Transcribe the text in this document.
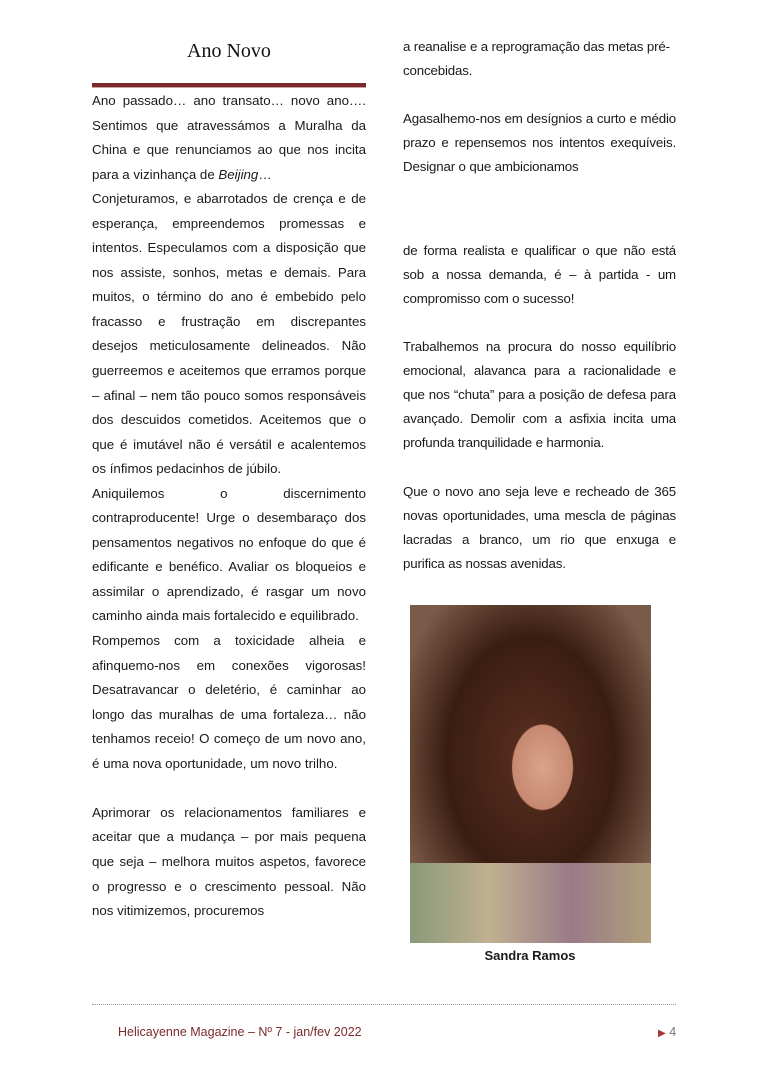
Ano Novo

Ano passado… ano transato… novo ano…. Sentimos que atravessámos a Muralha da China e que renunciamos ao que nos incita para a vizinhança de Beijing…

Conjeturamos, e abarrotados de crença e de esperança, empreendemos promessas e intentos. Especulamos com a disposição que nos assiste, sonhos, metas e demais. Para muitos, o término do ano é embebido pelo fracasso e frustração em discrepantes desejos meticulosamente delineados. Não guerreemos e aceitemos que erramos porque – afinal – nem tão pouco somos responsáveis dos descuidos cometidos. Aceitemos que o que é imutável não é versátil e acalentemos os ínfimos pedacinhos de júbilo.

Aniquilemos o discernimento contraproducente! Urge o desembaraço dos pensamentos negativos no enfoque do que é edificante e benéfico. Avaliar os bloqueios e assimilar o aprendizado, é rasgar um novo caminho ainda mais fortalecido e equilibrado.

Rompemos com a toxicidade alheia e afinquemo-nos em conexões vigorosas! Desatravancar o deletério, é caminhar ao longo das muralhas de uma fortaleza… não tenhamos receio! O começo de um novo ano, é uma nova oportunidade, um novo trilho.

Aprimorar os relacionamentos familiares e aceitar que a mudança – por mais pequena que seja – melhora muitos aspetos, favorece o progresso e o crescimento pessoal. Não nos vitimizemos, procuremos

a reanalise e a reprogramação das metas pré-concebidas.

Agasalhemo-nos em desígnios a curto e médio prazo e repensemos nos intentos exequíveis. Designar o que ambicionamos

de forma realista e qualificar o que não está sob a nossa demanda, é – à partida - um compromisso com o sucesso!

Trabalhemos na procura do nosso equilíbrio emocional, alavanca para a racionalidade e que nos “chuta” para a posição de defesa para avançado. Demolir com a asfixia incita uma profunda tranquilidade e harmonia.

Que o novo ano seja leve e recheado de 365 novas oportunidades, uma mescla de páginas lacradas a branco, um rio que enxuga e purifica as nossas avenidas.

Sandra Ramos
Helicayenne Magazine – Nº 7 - jan/fev 2022	▶ 4
